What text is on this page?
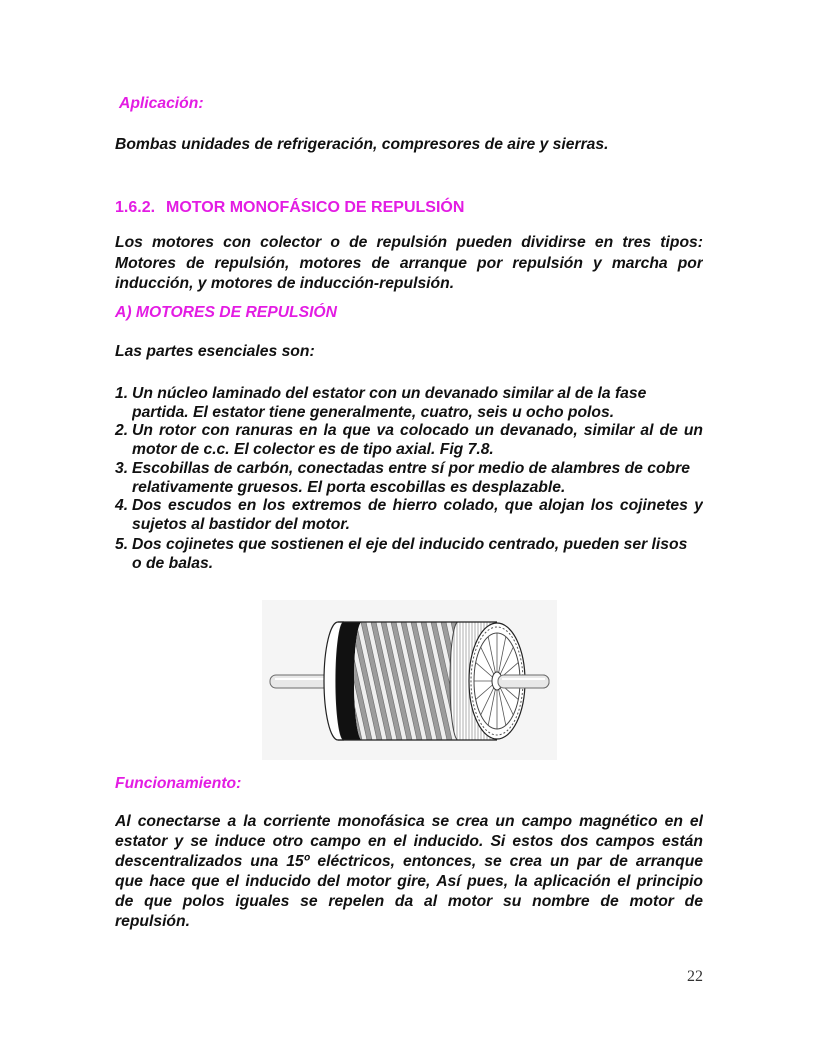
Aplicación:
Bombas unidades de refrigeración, compresores de aire y sierras.
1.6.2. MOTOR MONOFÁSICO DE REPULSIÓN
Los motores con colector o de repulsión pueden dividirse en tres tipos:
Motores de repulsión, motores de arranque por repulsión y marcha por
inducción, y motores de inducción-repulsión.
A) MOTORES DE REPULSIÓN
Las partes esenciales son:
1. Un núcleo laminado del estator con un devanado similar al de la fase
partida. El estator tiene generalmente, cuatro, seis u ocho polos.
2. Un rotor con ranuras en la que va colocado un devanado, similar al de un
motor de c.c. El colector es de tipo axial. Fig 7.8.
3. Escobillas de carbón, conectadas entre sí por medio de alambres de cobre
relativamente gruesos. El porta escobillas es desplazable.
4. Dos escudos en los extremos de hierro colado, que alojan los cojinetes y
sujetos al bastidor del motor.
5. Dos cojinetes que sostienen el eje del inducido centrado, pueden ser lisos
o de balas.
Funcionamiento:
Al conectarse a la corriente monofásica se crea un campo magnético en el
estator y se induce otro campo en el inducido. Si estos dos campos están
descentralizados una 15º eléctricos, entonces, se crea un par de arranque
que hace que el inducido del motor gire, Así pues, la aplicación el principio
de que polos iguales se repelen da al motor su nombre de motor de
repulsión.
22
